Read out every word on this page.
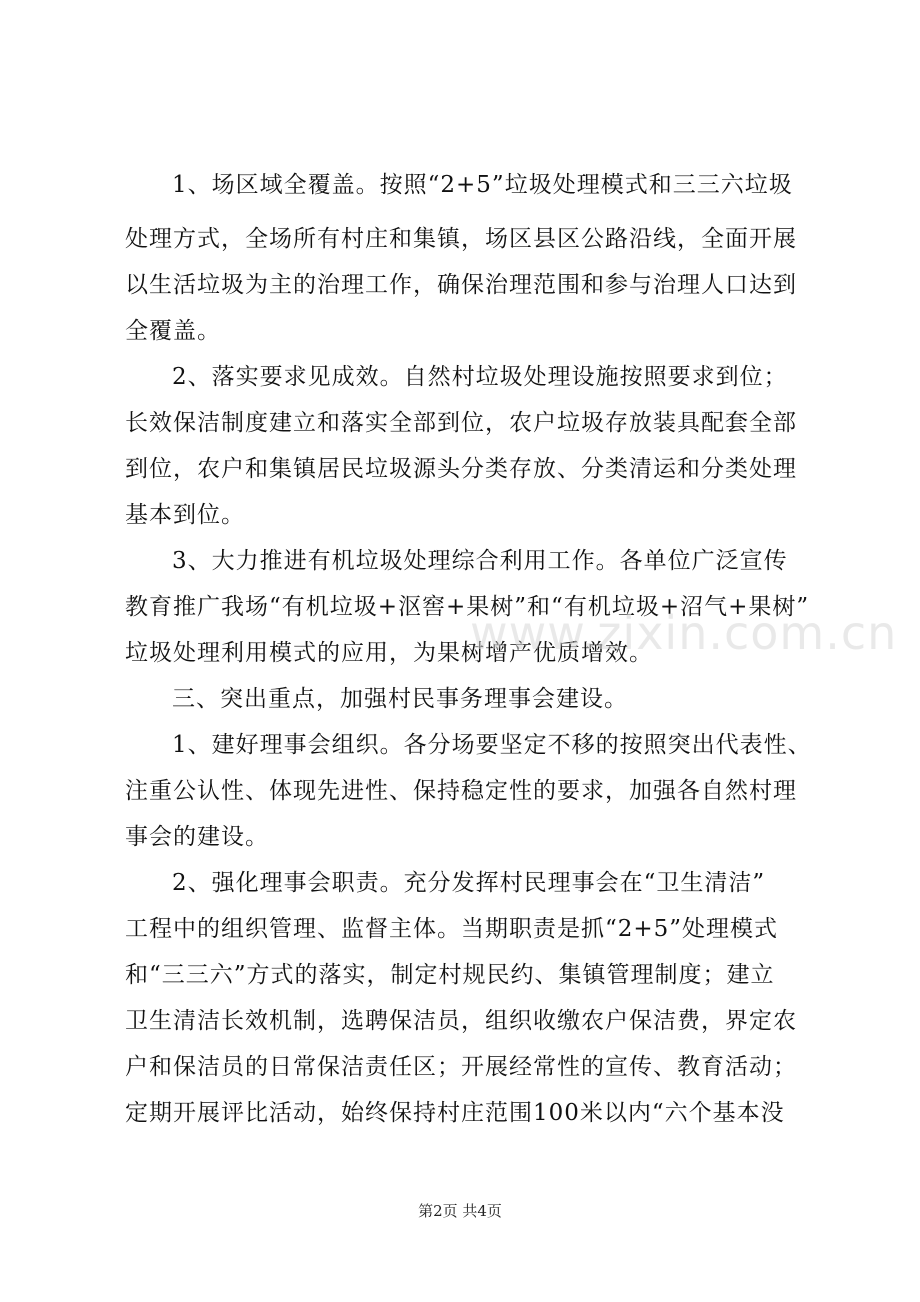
1、场区域全覆盖。按照“2+5”垃圾处理模式和三三六垃圾
处理方式，全场所有村庄和集镇，场区县区公路沿线，全面开展
以生活垃圾为主的治理工作，确保治理范围和参与治理人口达到
全覆盖。
2、落实要求见成效。自然村垃圾处理设施按照要求到位；
长效保洁制度建立和落实全部到位，农户垃圾存放装具配套全部
到位，农户和集镇居民垃圾源头分类存放、分类清运和分类处理
基本到位。
3、大力推进有机垃圾处理综合利用工作。各单位广泛宣传
教育推广我场“有机垃圾+沤窖+果树”和“有机垃圾+沼气+果树”
垃圾处理利用模式的应用，为果树增产优质增效。
三、突出重点，加强村民事务理事会建设。
1、建好理事会组织。各分场要坚定不移的按照突出代表性、
注重公认性、体现先进性、保持稳定性的要求，加强各自然村理
事会的建设。
2、强化理事会职责。充分发挥村民理事会在“卫生清洁”
工程中的组织管理、监督主体。当期职责是抓“2+5”处理模式
和“三三六”方式的落实，制定村规民约、集镇管理制度；建立
卫生清洁长效机制，选聘保洁员，组织收缴农户保洁费，界定农
户和保洁员的日常保洁责任区；开展经常性的宣传、教育活动；
定期开展评比活动，始终保持村庄范围100米以内“六个基本没
www.zixin.com.cn
第2页 共4页
